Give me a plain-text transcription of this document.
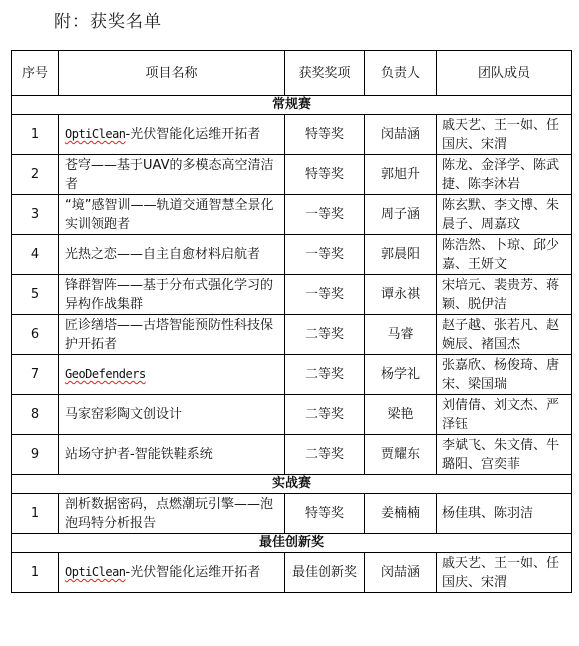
附：获奖名单
序号	项目名称	获奖奖项	负责人	团队成员
常规赛				
1	OptiClean-光伏智能化运维开拓者	特等奖	闵喆涵	戚天艺、王一如、任国庆、宋渭
2	苍穹——基于UAV的多模态高空清洁者	特等奖	郭旭升	陈龙、金泽学、陈武捷、陈李沐岩
3	“境”感智训——轨道交通智慧全景化实训领跑者	一等奖	周子涵	陈玄默、李文博、朱晨子、周嘉玟
4	光热之恋——自主自愈材料启航者	一等奖	郭晨阳	陈浩然、卜琼、邱少嘉、王妍文
5	锋群智阵——基于分布式强化学习的异构作战集群	一等奖	谭永祺	宋培元、裴贵芳、蒋颖、脱伊洁
6	匠诊缮塔——古塔智能预防性科技保护开拓者	二等奖	马睿	赵子越、张若凡、赵婉辰、褚国杰
7	GeoDefenders	二等奖	杨学礼	张嘉欣、杨俊琦、唐宋、梁国瑞
8	马家窑彩陶文创设计	二等奖	梁艳	刘倩倩、刘文杰、严泽钰
9	站场守护者-智能铁鞋系统	二等奖	贾耀东	李斌飞、朱文倩、牛璐阳、宫奕菲
实战赛				
1	剖析数据密码，点燃潮玩引擎——泡泡玛特分析报告	特等奖	姜楠楠	杨佳琪、陈羽洁
最佳创新奖				
1	OptiClean-光伏智能化运维开拓者	最佳创新奖	闵喆涵	戚天艺、王一如、任国庆、宋渭
